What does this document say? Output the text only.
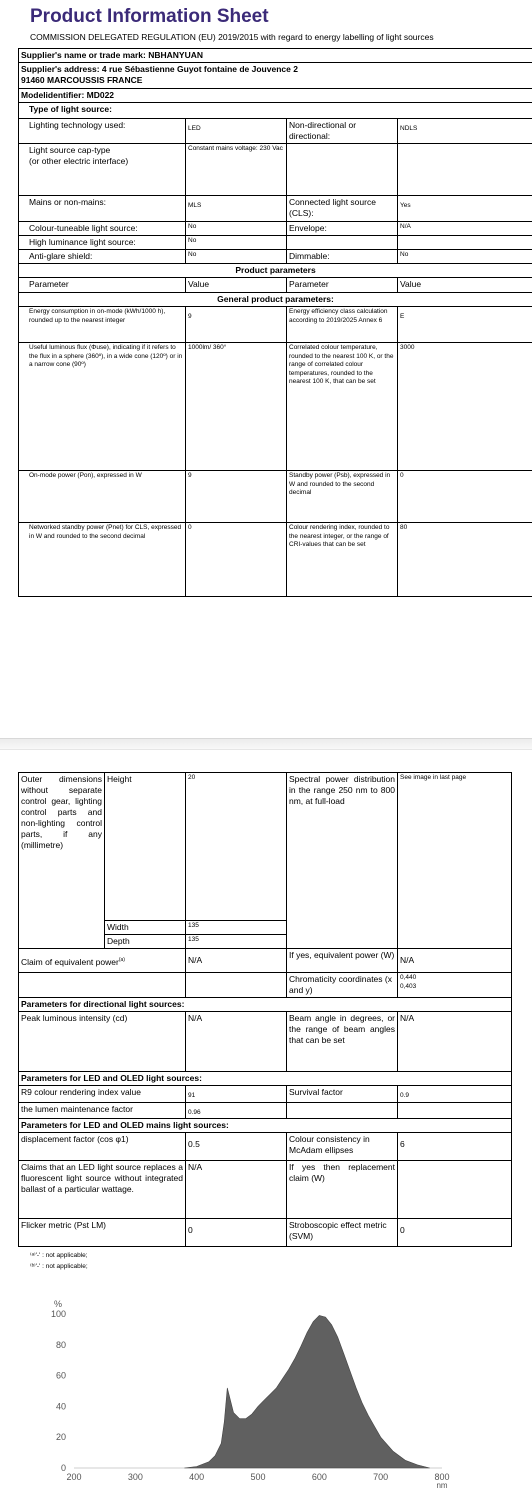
Product Information Sheet
COMMISSION DELEGATED REGULATION (EU) 2019/2015 with regard to energy labelling of light sources
Supplier's name or trade mark: NBHANYUAN			

Supplier's address: 4 rue Sébastienne Guyot fontaine de Jouvence 2
91460 MARCOUSSIS FRANCE			

Modelidentifier: MD022			
Type of light source:			
Lighting technology used:	LED	Non-directional or directional:	NDLS
Light source cap-type
(or other electric interface)	Constant mains voltage: 230 Vac		
Mains or non-mains:	MLS	Connected light source (CLS):	Yes
Colour-tuneable light source:	No	Envelope:	N/A
High luminance light source:	No		
Anti-glare shield:	No	Dimmable:	No
Product parameters			
Parameter	Value	Parameter	Value
General product parameters:			
Energy consumption in on-mode (kWh/1000 h), rounded up to the nearest integer	9	Energy efficiency class calculation according to 2019/2025 Annex 6	E
Useful luminous flux (Φuse), indicating if it refers to the flux in a sphere (360º), in a wide cone (120º) or in a narrow cone (90º)	1000lm/ 360°	Correlated colour temperature, rounded to the nearest 100 K, or the range of correlated colour temperatures, rounded to the nearest 100 K, that can be set	3000
On-mode power (Pon), expressed in W	9	Standby power (Psb), expressed in W and rounded to the second decimal	0
Networked standby power (Pnet) for CLS, expressed in W and rounded to the second decimal	0	Colour rendering index, rounded to the nearest integer, or the range of CRI-values that can be set	80
Outer dimensions without separate control gear, lighting control parts and non-lighting control parts, if any (millimetre)	Height	20	Spectral power distribution in the range 250 nm to 800 nm, at full-load	See image in last page
	Width	135		
	Depth	135		
Claim of equivalent power$^{(a)}$		N/A	If yes, equivalent power (W)	N/A
			Chromaticity coordinates (x and y)	0,440
0,403

Parameters for directional light sources:				
Peak luminous intensity (cd)		N/A	Beam angle in degrees, or the range of beam angles that can be set	N/A
Parameters for LED and OLED light sources:				
R9 colour rendering index value		91	Survival factor	0.9
the lumen maintenance factor		0.96		
Parameters for LED and OLED mains light sources:				
displacement factor (cos φ1)		0.5	Colour consistency in McAdam ellipses	6
Claims that an LED light source replaces a fluorescent light source without integrated ballast of a particular wattage.		N/A	If yes then replacement claim (W)	
Flicker metric (Pst LM)		0	Stroboscopic effect metric (SVM)	0
⁽ᵃ⁾'-' : not applicable;
⁽ᵇ⁾'-' : not applicable;
0
20
40
60
80
100
200	300	400	500	600	700	800
%
nm
